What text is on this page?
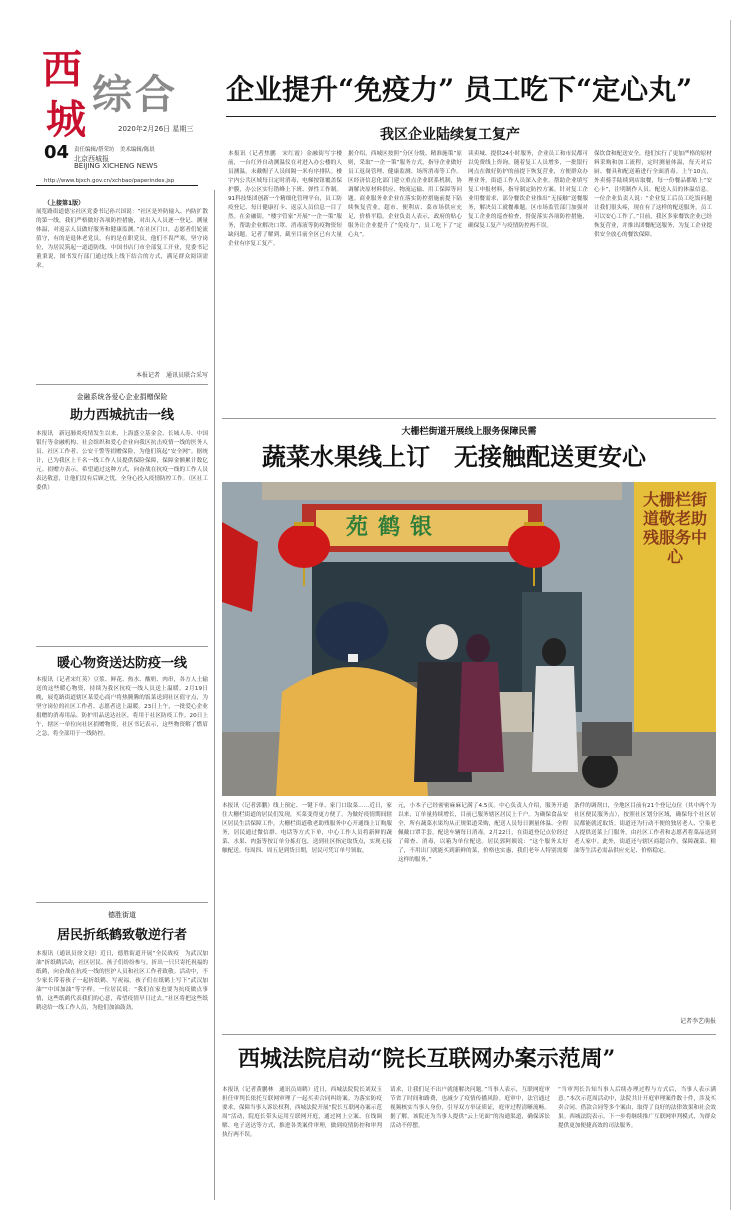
西
城
综合
2020年2月26日 星期三
04 责任编辑/帮荣坊　美术编辑/陈晨
北京西城报
BEIJING XICHENG NEWS
http://www.bjxch.gov.cn/xchbao/paperindex.jsp
企业提升“免疫力” 员工吃下“定心丸”
我区企业陆续复工复产
本报讯（记者焦鹏　宋红霞）金融街写字楼前，一台红外自动测温仪在对进入办公楼的人员测温，未戴帽子人员间隔一米有序排队。楼宇内公共区域每日定时消毒，电梯按钮覆盖保护膜，办公区实行错峰上下班、弹性工作制。91科技集团创新一个精细化管理平台，员工防疫登记、每日健康打卡、返京人员信息一目了然。在金融街，“楼宇管家”开展“一企一策”服务，帮助企业解决口罩、消毒液等防疫物资短缺问题。记者了解到，截至目前全区已有大量企业有序复工复产。
据介绍，西城区按照“分区分级、精准施策”原则，采取“一企一策”服务方式，指导企业做好员工返岗管理、健康监测、场所消毒等工作。区经济信息化部门建立重点企业联系机制，协调解决原材料供应、物流运输、用工保障等问题。商业服务业企业在落实防控措施前提下陆续恢复营业，超市、便利店、菜市场供应充足，价格平稳。企业负责人表示，政府的贴心服务让企业提升了“免疫力”，员工吃下了“定心丸”。
读卖城、提供24小时服务，企业员工和市民都可以免费线上咨询。随着复工人员增多，一批银行网点在做好防护的前提下恢复营业，方便群众办理业务。街道工作人员深入企业，帮助企业填写复工申报材料，指导制定防控方案。针对复工企业用餐需求，部分餐饮企业推出“无接触”送餐服务，解决员工就餐难题。区市场监管部门加强对复工企业的巡查检查，督促落实各项防控措施，确保复工复产与疫情防控两不误。
保饮食和配送安全，他们实行了更加严格的原材料采购和加工流程，定时测量体温，每天对后厨、餐具和配送箱进行全面消毒。上午10点，外卖骑手陆续到店取餐，每一份餐品都贴上“安心卡”，注明制作人员、配送人员的体温信息。一位企业负责人说：“企业复工后员工吃饭问题让我们很头疼，现在有了这样的配送服务，员工可以安心工作了。”目前，我区多家餐饮企业已经恢复营业，并推出团餐配送服务，为复工企业提供安全放心的餐饮保障。
（上接第1版）
展览路街道德宝社区党委书记孙兴国说：“社区是外防输入、内防扩散的第一线，我们严格做好各项防控措施，对出入人员逐一登记、测量体温，对返京人员做好服务和健康监测。”在社区门口，志愿者们轮流值守，有的是退休老党员，有的是在职党员，他们不畏严寒，坚守岗位，为居民筑起一道道防线。中国书店门市全部复工开业，党委书记董秉说，图书发行部门通过线上线下结合的方式，满足群众阅读需求。
本报记者　通讯员联合采写
金融系统各爱心企业捐赠保险
助力西城抗击一线
本报讯　新冠肺炎疫情发生以来，上海盛立基金会、长城人寿、中国银行等金融机构、社会组织和爱心企业向我区抗击疫情一线的医务人员、社区工作者、公安干警等捐赠保险，为他们筑起“安全网”。据统计，已为我区上千名一线工作人员提供保险保障，保障金额累计数亿元。捐赠方表示，希望通过这种方式，向奋战在抗疫一线的工作人员表达敬意，让他们没有后顾之忧，全身心投入疫情防控工作。（区社工委供）
暖心物资送达防疫一线
本报讯（记者宋红英）豆浆、鲜花、热水、酸奶、肉串，各方人士输送的这些暖心物资，持续为我区抗疫一线人员送上温暖。2月19日晚，展览路街道辖区某爱心商户将热腾腾的饭菜送到社区值守点，为坚守岗位的社区工作者、志愿者送上温暖。23日上午，一批爱心企业捐赠的消毒用品、防护用品送达社区，将用于社区防疫工作。20日上午，辖区一单位向社区捐赠物资，社区书记表示，这些物资解了燃眉之急，将全部用于一线防控。
德胜街道
居民折纸鹤致敬逆行者
本报讯（通讯员徐文迎）近日，德胜街道开展“全民战疫　为武汉加油”折纸鹤活动，社区居民、孩子们纷纷参与，折出一只只寄托祝福的纸鹤，向奋战在抗疫一线的医护人员和社区工作者致敬。活动中，不少家长带着孩子一起折纸鹤、写祝福，孩子们在纸鹤上写下“武汉加油”“中国加油”等字样。一位居民说：“我们在家也要为抗疫做点事情，这些纸鹤代表我们的心意，希望疫情早日过去。”社区将把这些纸鹤送给一线工作人员，为他们加油鼓劲。
大栅栏街道开展线上服务保障民需
蔬菜水果线上订　无接触配送更安心
苑鹤银
大栅栏街道敬老助残服务中心
本报讯（记者郭鹏）线上预定、一键下单、家门口取菜……近日，家住大栅栏街道的居民们发现，买菜变得更方便了。为做好疫情期间辖区居民生活保障工作，大栅栏街道敬老助残服务中心开通线上订购服务，居民通过微信群、电话等方式下单，中心工作人员将新鲜的蔬菜、水果、肉蛋等按订单分拣打包，送到社区指定取货点，实现无接触配送。每周四、周五是到货日期，居民可凭订单号领取。
元，小本子已经密密麻麻记满了4.5页。中心负责人介绍，服务开通以来，订单量持续增长，目前已服务辖区居民上千户。为确保食品安全，所有蔬菜水果均从正规渠道采购，配送人员每日测量体温、全程佩戴口罩手套，配送车辆每日消毒。2月22日，在街道登记点位经过了筛查、消毒，以箱为单位配送。居民郭阿姨说：“这个服务太好了，不用出门就能买到新鲜的菜，价格也实惠，我们老年人特别需要这样的服务。”
条件的调剂口，全地区目前有21个登记点位（其中两个为社区便民服务点），按照社区划分区域，确保每个社区居民都能就近取货。街道还为行动不便的独居老人、空巢老人提供送菜上门服务，由社区工作者和志愿者将菜品送到老人家中。此外，街道还与辖区商超合作，保障蔬菜、粮油等生活必需品供应充足、价格稳定。
记者李艺萌报
西城法院启动“院长互联网办案示范周”
本报讯（记者黄鹏林　通讯员周鹤）近日，西城法院院长刘双玉担任审判长依托互联网审理了一起买卖合同纠纷案。为落实防疫要求，保障当事人诉讼权利，西城法院开展“院长互联网办案示范周”活动，院庭长带头运用互联网开庭，通过网上立案、在线调解、电子送达等方式，推进各类案件审理，做到疫情防控和审判执行两不误。
请求，让我们足不出户就能解决问题。”当事人表示，互联网庭审节省了时间和路费，也减少了疫情传播风险。庭审中，法官通过视频核实当事人身份，引导双方举证质证，庭审过程清晰流畅。据了解，该院还为当事人提供“云上见面”的沟通渠道，确保诉讼活动不停摆。
“当审判长告知当事人后续办理过程与方式后，当事人表示满意。”本次示范周活动中，法院共计开庭审理案件数十件，涉及买卖合同、借款合同等多个案由，取得了良好的法律效果和社会效果。西城法院表示，下一步将继续推广互联网审判模式，为群众提供更加便捷高效的司法服务。
